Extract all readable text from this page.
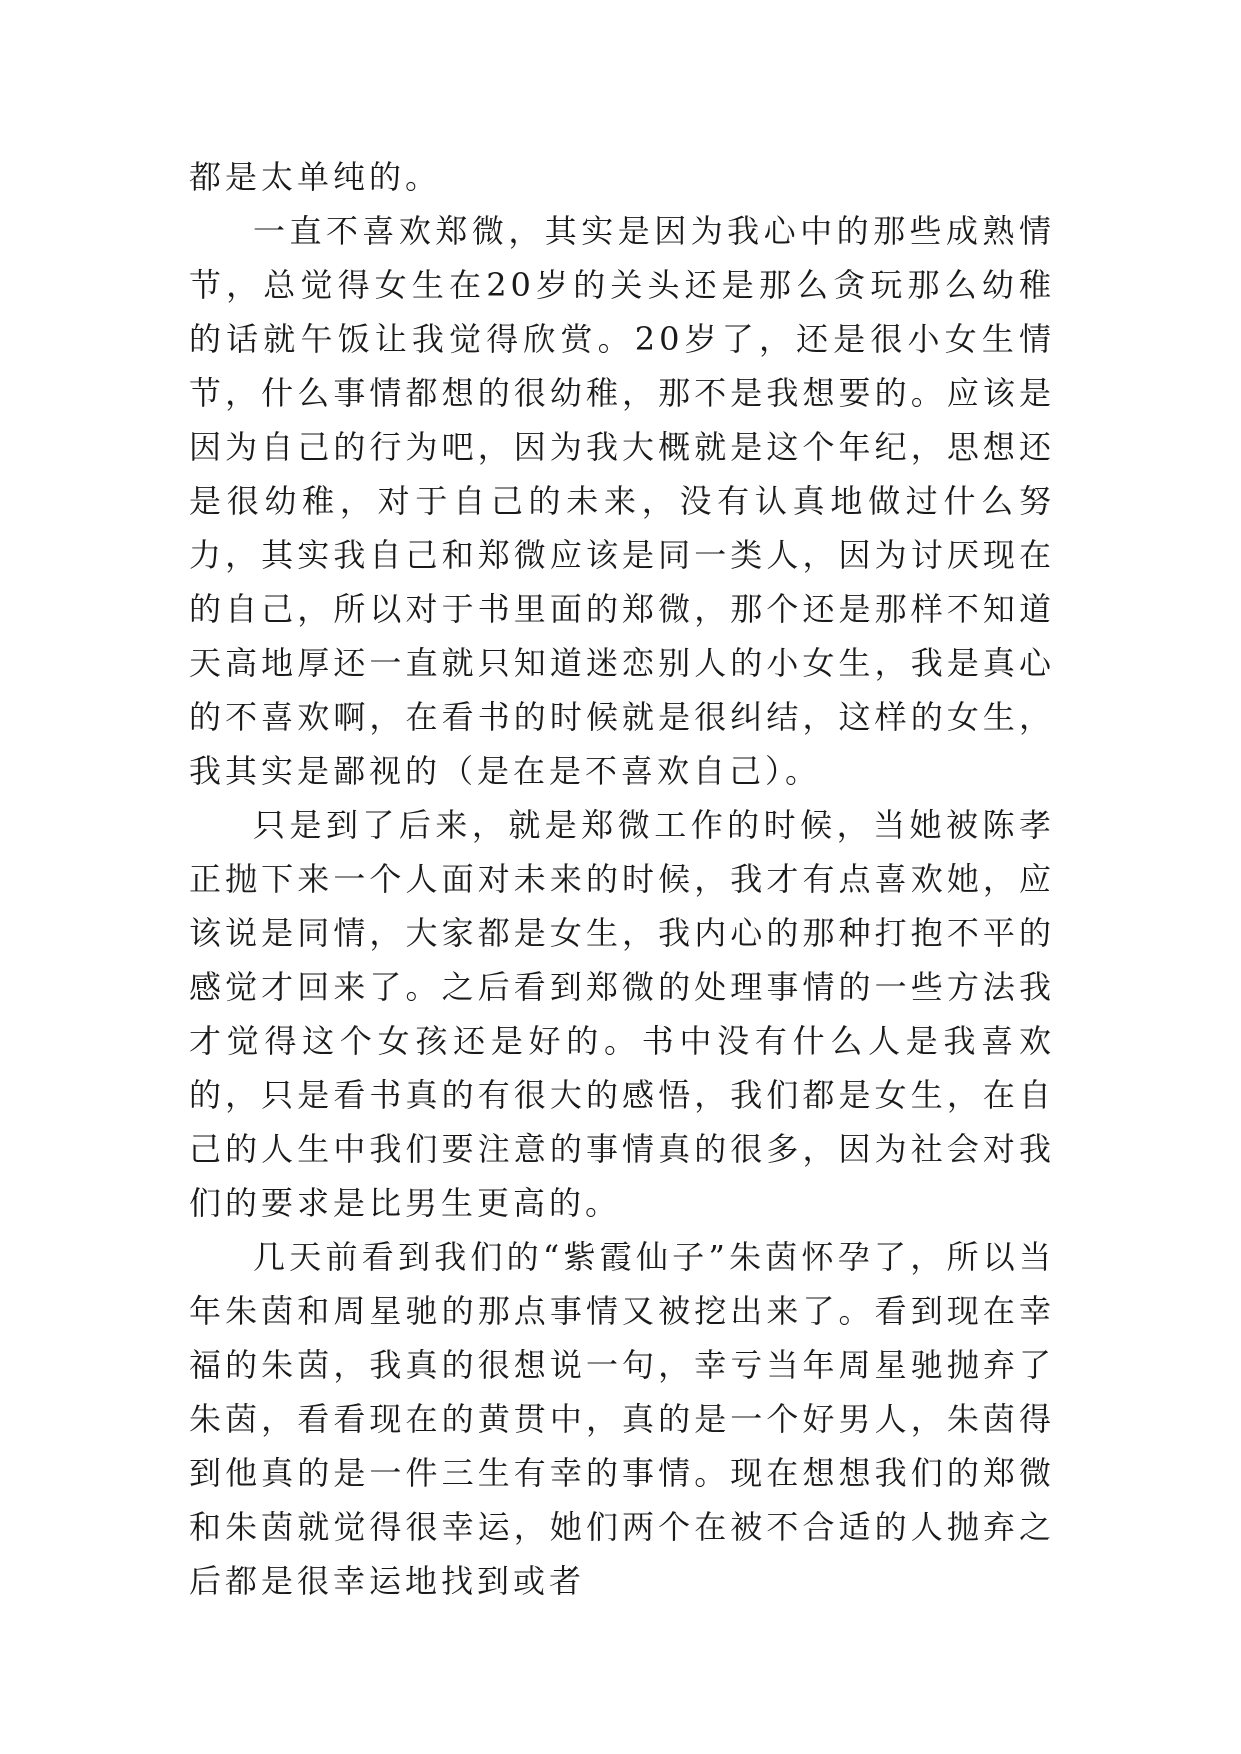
都是太单纯的。

一直不喜欢郑微，其实是因为我心中的那些成熟情节，总觉得女生在20岁的关头还是那么贪玩那么幼稚的话就午饭让我觉得欣赏。20岁了，还是很小女生情节，什么事情都想的很幼稚，那不是我想要的。应该是因为自己的行为吧，因为我大概就是这个年纪，思想还是很幼稚，对于自己的未来，没有认真地做过什么努力，其实我自己和郑微应该是同一类人，因为讨厌现在的自己，所以对于书里面的郑微，那个还是那样不知道天高地厚还一直就只知道迷恋别人的小女生，我是真心的不喜欢啊，在看书的时候就是很纠结，这样的女生，我其实是鄙视的（是在是不喜欢自己）。

只是到了后来，就是郑微工作的时候，当她被陈孝正抛下来一个人面对未来的时候，我才有点喜欢她，应该说是同情，大家都是女生，我内心的那种打抱不平的感觉才回来了。之后看到郑微的处理事情的一些方法我才觉得这个女孩还是好的。书中没有什么人是我喜欢的，只是看书真的有很大的感悟，我们都是女生，在自己的人生中我们要注意的事情真的很多，因为社会对我们的要求是比男生更高的。

几天前看到我们的“紫霞仙子”朱茵怀孕了，所以当年朱茵和周星驰的那点事情又被挖出来了。看到现在幸福的朱茵，我真的很想说一句，幸亏当年周星驰抛弃了朱茵，看看现在的黄贯中，真的是一个好男人，朱茵得到他真的是一件三生有幸的事情。现在想想我们的郑微和朱茵就觉得很幸运，她们两个在被不合适的人抛弃之后都是很幸运地找到或者
